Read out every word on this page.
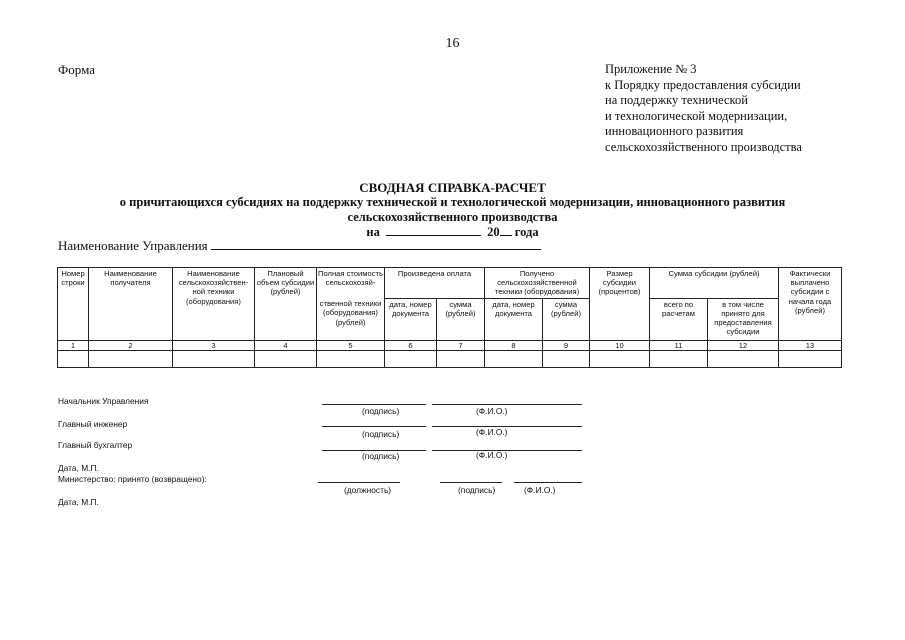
16
Форма	Приложение № 3
к Порядку предоставления субсидии
на поддержку технической
и технологической модернизации,
инновационного развития
сельскохозяйственного производства
СВОДНАЯ СПРАВКА-РАСЧЕТ
о причитающихся субсидиях на поддержку технической и технологической модернизации, инновационного развития
сельскохозяйственного производства
на	20 года
Наименование Управления
Номер строки	Наименование получателя	Наименование сельскохозяйствен-ной техники (оборудования)	Плановый объем субсидии (рублей)	Полная стоимость сельскохозяй-	Произведена оплата		Получено сельскохозяйственной техники (оборудования)		Размер субсидии (процентов)	Сумма субсидии (рублей)		Фактически выплачено субсидии с начала года (рублей)
				ственной техники (оборудования) (рублей)	дата, номер документа	сумма (рублей)	дата, номер документа	сумма (рублей)		всего по расчетам	в том числе принято для предоставления субсидии	
1	2	3	4	5	6	7	8	9	10	11	12	13

Начальник Управления
(подпись)	(Ф.И.О.)
Главный инженер
(подпись)	(Ф.И.О.)
Главный бухгалтер
(подпись)	(Ф.И.О.)
Дата, М.П.
Министерство: принято (возвращено):
(должность)	(подпись)	(Ф.И.О.)
Дата, М.П.
